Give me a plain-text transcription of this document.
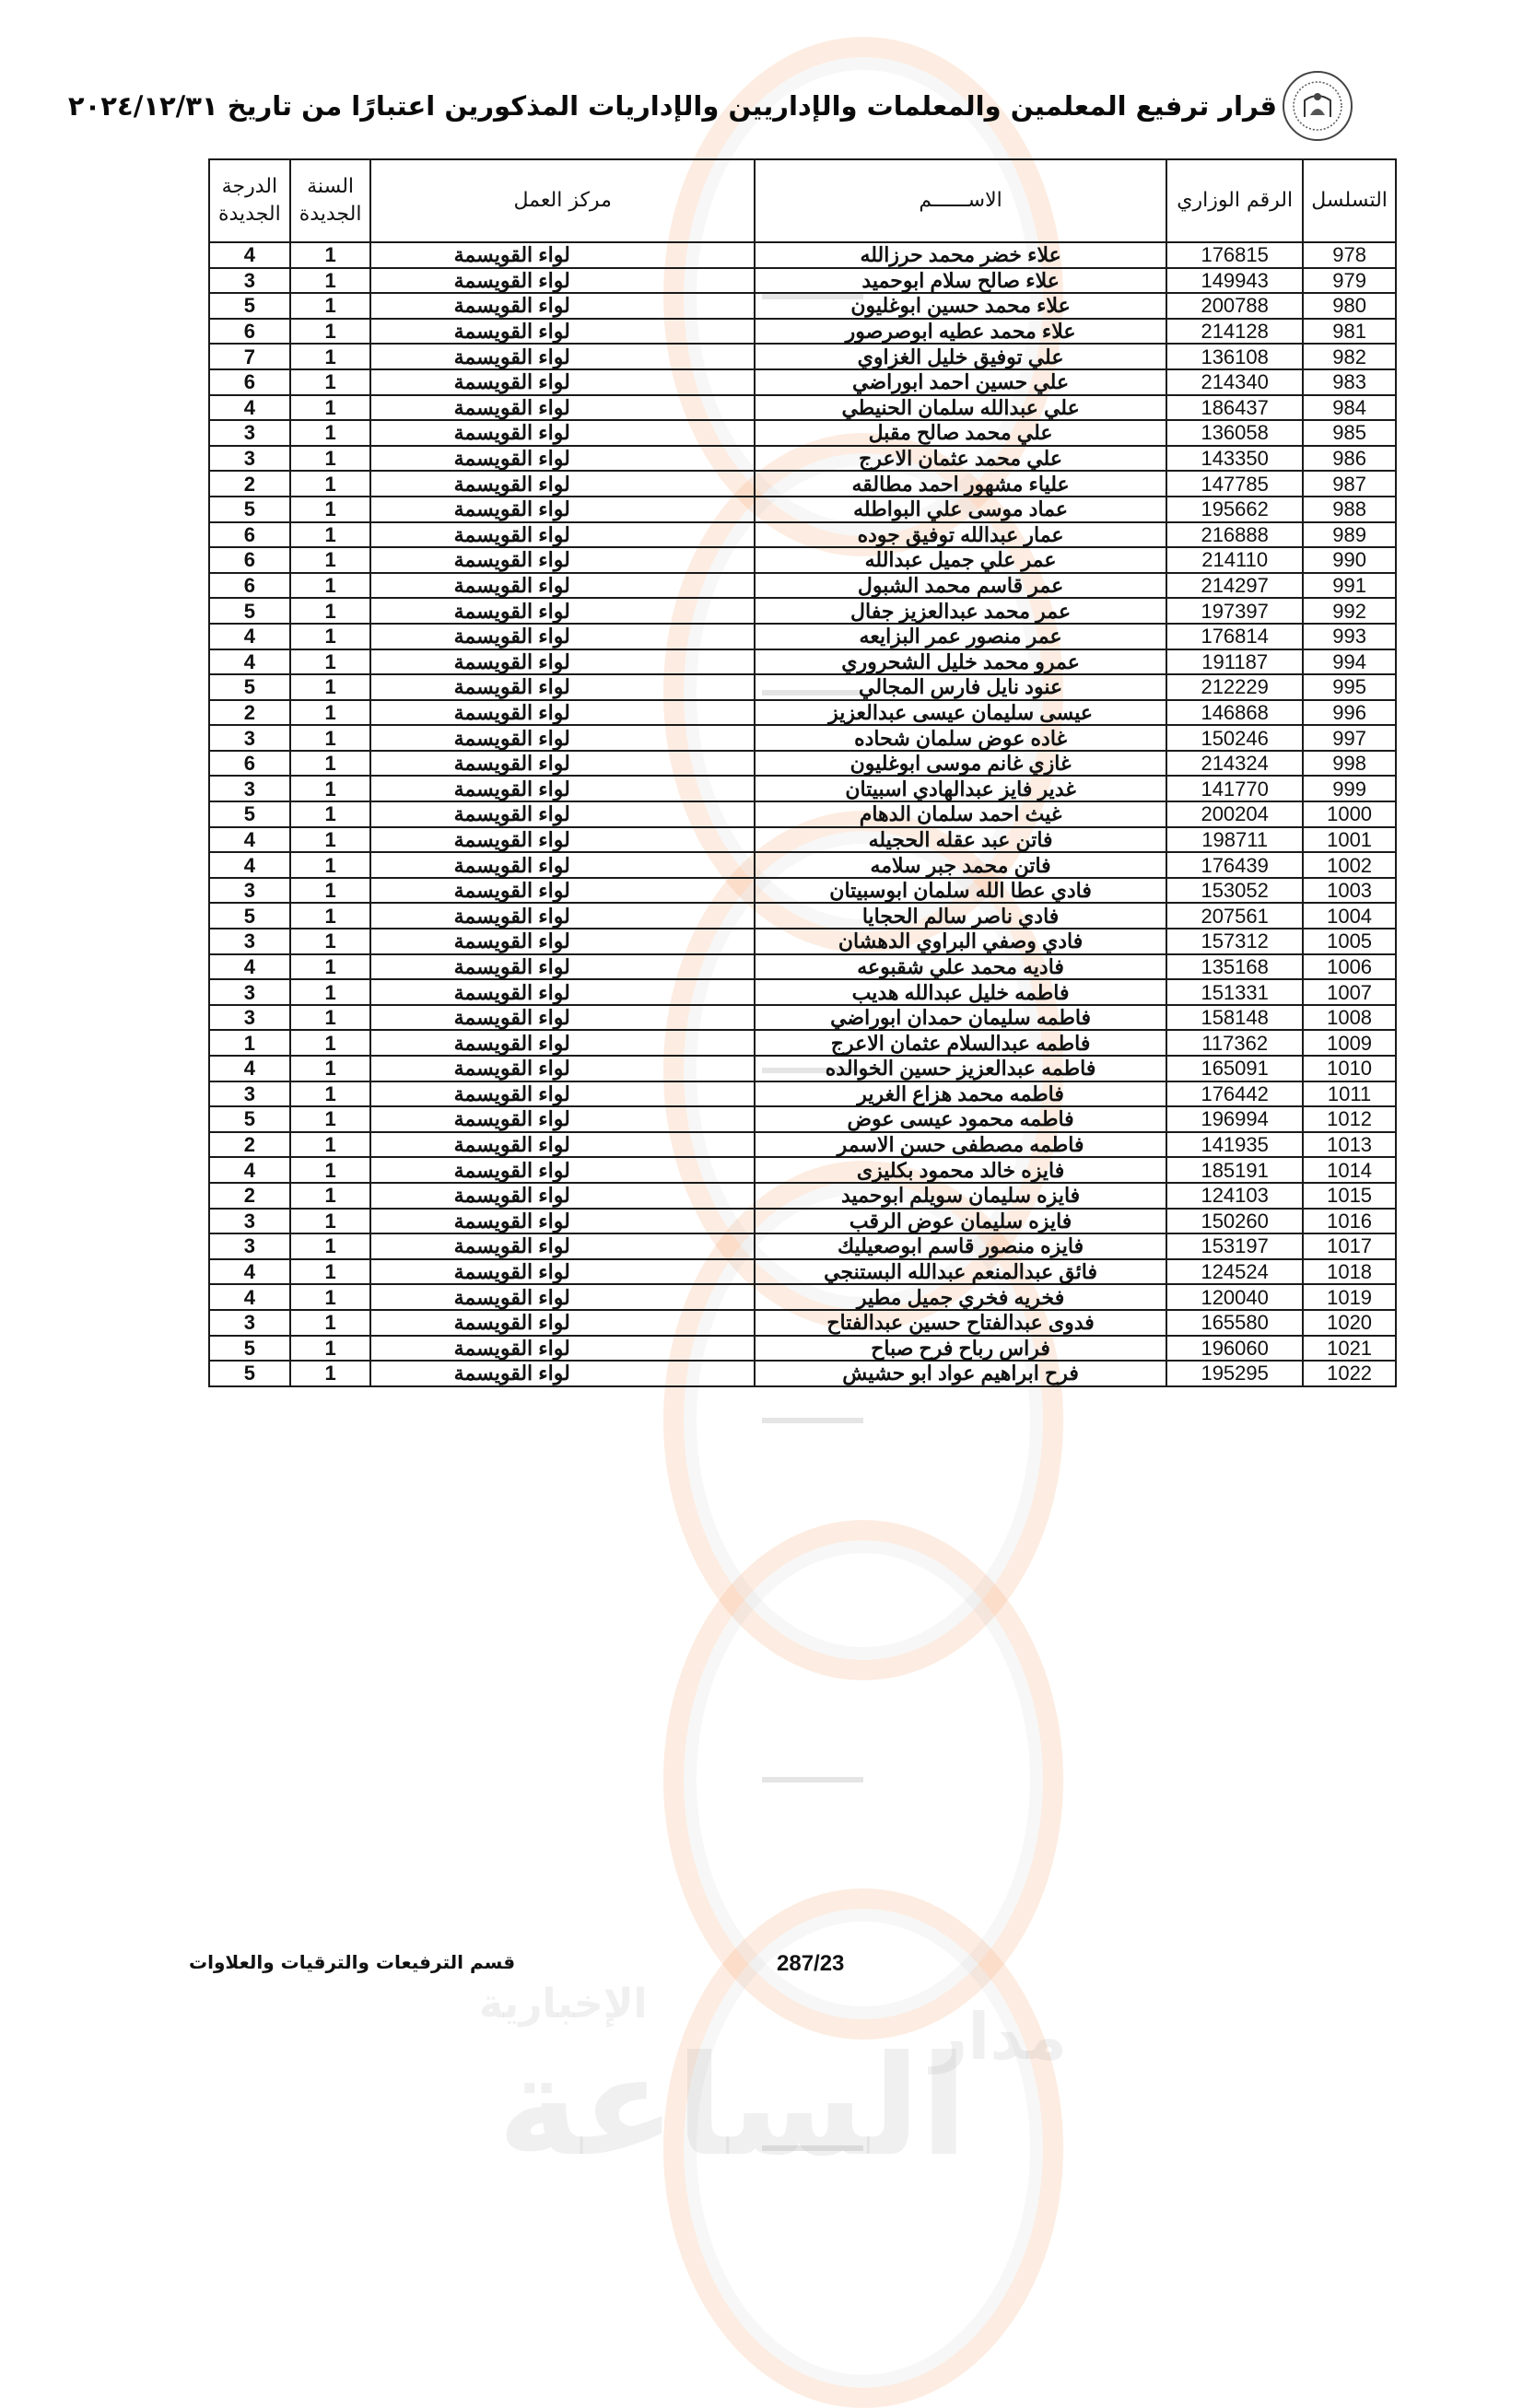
مدار
الإخبارية
الساعة
قرار ترفيع المعلمين والمعلمات والإداريين والإداريات المذكورين اعتبارًا من تاريخ ٢٠٢٤/١٢/٣١
التسلسل	الرقم الوزاري	الاســــــم	مركز العمل	السنة الجديدة	الدرجة الجديدة
978	176815	علاء خضر محمد حرزالله	لواء القويسمة	1	4
979	149943	علاء صالح سلام ابوحميد	لواء القويسمة	1	3
980	200788	علاء محمد حسين ابوغليون	لواء القويسمة	1	5
981	214128	علاء محمد عطيه ابوصرصور	لواء القويسمة	1	6
982	136108	علي توفيق خليل الغزاوي	لواء القويسمة	1	7
983	214340	علي حسين احمد ابوراضي	لواء القويسمة	1	6
984	186437	علي عبدالله سلمان الحنيطي	لواء القويسمة	1	4
985	136058	علي محمد صالح مقبل	لواء القويسمة	1	3
986	143350	علي محمد عثمان الاعرج	لواء القويسمة	1	3
987	147785	علياء مشهور احمد مطالقه	لواء القويسمة	1	2
988	195662	عماد موسى علي البواطله	لواء القويسمة	1	5
989	216888	عمار عبدالله توفيق جوده	لواء القويسمة	1	6
990	214110	عمر علي جميل عبدالله	لواء القويسمة	1	6
991	214297	عمر قاسم محمد الشبول	لواء القويسمة	1	6
992	197397	عمر محمد عبدالعزيز جفال	لواء القويسمة	1	5
993	176814	عمر منصور عمر البزايعه	لواء القويسمة	1	4
994	191187	عمرو محمد خليل الشحروري	لواء القويسمة	1	4
995	212229	عنود نايل فارس المجالي	لواء القويسمة	1	5
996	146868	عيسى سليمان عيسى عبدالعزيز	لواء القويسمة	1	2
997	150246	غاده عوض سلمان شحاده	لواء القويسمة	1	3
998	214324	غازي غانم موسى ابوغليون	لواء القويسمة	1	6
999	141770	غدير فايز عبدالهادي اسبيتان	لواء القويسمة	1	3
1000	200204	غيث احمد سلمان الدهام	لواء القويسمة	1	5
1001	198711	فاتن عبد عقله الحجيله	لواء القويسمة	1	4
1002	176439	فاتن محمد جبر سلامه	لواء القويسمة	1	4
1003	153052	فادي عطا الله سلمان ابوسبيتان	لواء القويسمة	1	3
1004	207561	فادي ناصر سالم الحجايا	لواء القويسمة	1	5
1005	157312	فادي وصفي البراوي الدهشان	لواء القويسمة	1	3
1006	135168	فاديه محمد علي شقبوعه	لواء القويسمة	1	4
1007	151331	فاطمه خليل عبدالله هديب	لواء القويسمة	1	3
1008	158148	فاطمه سليمان حمدان ابوراضي	لواء القويسمة	1	3
1009	117362	فاطمه عبدالسلام عثمان الاعرج	لواء القويسمة	1	1
1010	165091	فاطمه عبدالعزيز حسين الخوالده	لواء القويسمة	1	4
1011	176442	فاطمه محمد هزاع الغرير	لواء القويسمة	1	3
1012	196994	فاطمه محمود عيسى عوض	لواء القويسمة	1	5
1013	141935	فاطمه مصطفى حسن الاسمر	لواء القويسمة	1	2
1014	185191	فايزه خالد محمود بكليزى	لواء القويسمة	1	4
1015	124103	فايزه سليمان سويلم ابوحميد	لواء القويسمة	1	2
1016	150260	فايزه سليمان عوض الرقب	لواء القويسمة	1	3
1017	153197	فايزه منصور قاسم ابوصعيليك	لواء القويسمة	1	3
1018	124524	فائق عبدالمنعم عبدالله البستنجي	لواء القويسمة	1	4
1019	120040	فخريه فخري جميل مطير	لواء القويسمة	1	4
1020	165580	فدوى عبدالفتاح حسين عبدالفتاح	لواء القويسمة	1	3
1021	196060	فراس رباح فرح صباح	لواء القويسمة	1	5
1022	195295	فرح ابراهيم عواد ابو حشيش	لواء القويسمة	1	5
قسم الترفيعات والترقيات والعلاوات	287/23
